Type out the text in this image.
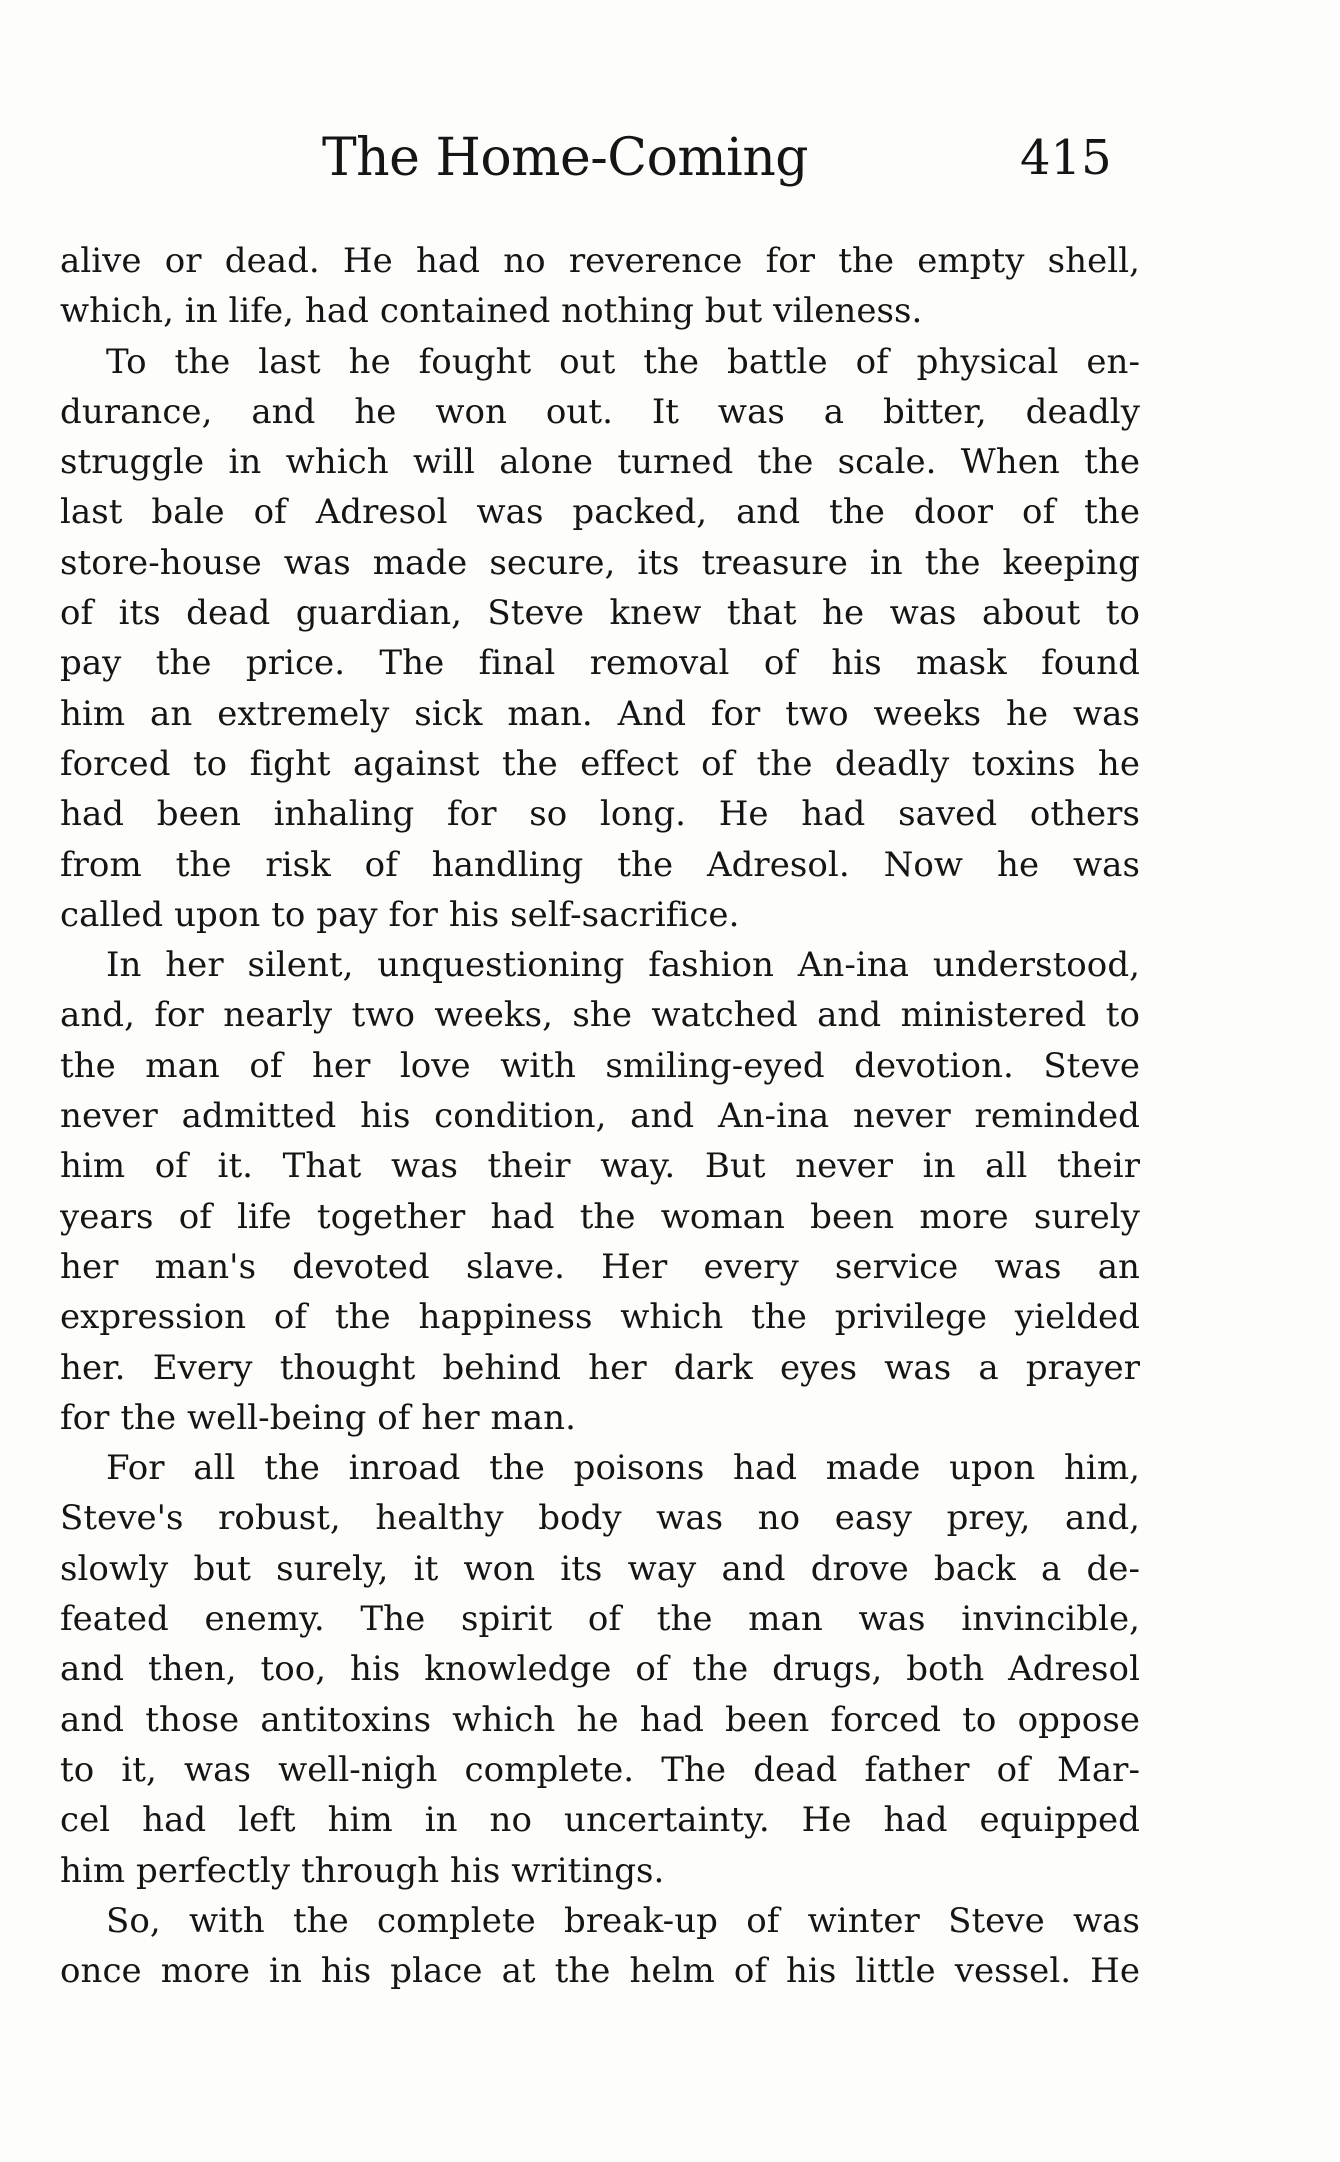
The Home-Coming	415
alive or dead. He had no reverence for the empty shell,
which, in life, had contained nothing but vileness.
To the last he fought out the battle of physical en-
durance, and he won out. It was a bitter, deadly
struggle in which will alone turned the scale. When the
last bale of Adresol was packed, and the door of the
store-house was made secure, its treasure in the keeping
of its dead guardian, Steve knew that he was about to
pay the price. The final removal of his mask found
him an extremely sick man. And for two weeks he was
forced to fight against the effect of the deadly toxins he
had been inhaling for so long. He had saved others
from the risk of handling the Adresol. Now he was
called upon to pay for his self-sacrifice.
In her silent, unquestioning fashion An-ina understood,
and, for nearly two weeks, she watched and ministered to
the man of her love with smiling-eyed devotion. Steve
never admitted his condition, and An-ina never reminded
him of it. That was their way. But never in all their
years of life together had the woman been more surely
her man's devoted slave. Her every service was an
expression of the happiness which the privilege yielded
her. Every thought behind her dark eyes was a prayer
for the well-being of her man.
For all the inroad the poisons had made upon him,
Steve's robust, healthy body was no easy prey, and,
slowly but surely, it won its way and drove back a de-
feated enemy. The spirit of the man was invincible,
and then, too, his knowledge of the drugs, both Adresol
and those antitoxins which he had been forced to oppose
to it, was well-nigh complete. The dead father of Mar-
cel had left him in no uncertainty. He had equipped
him perfectly through his writings.
So, with the complete break-up of winter Steve was
once more in his place at the helm of his little vessel. He
